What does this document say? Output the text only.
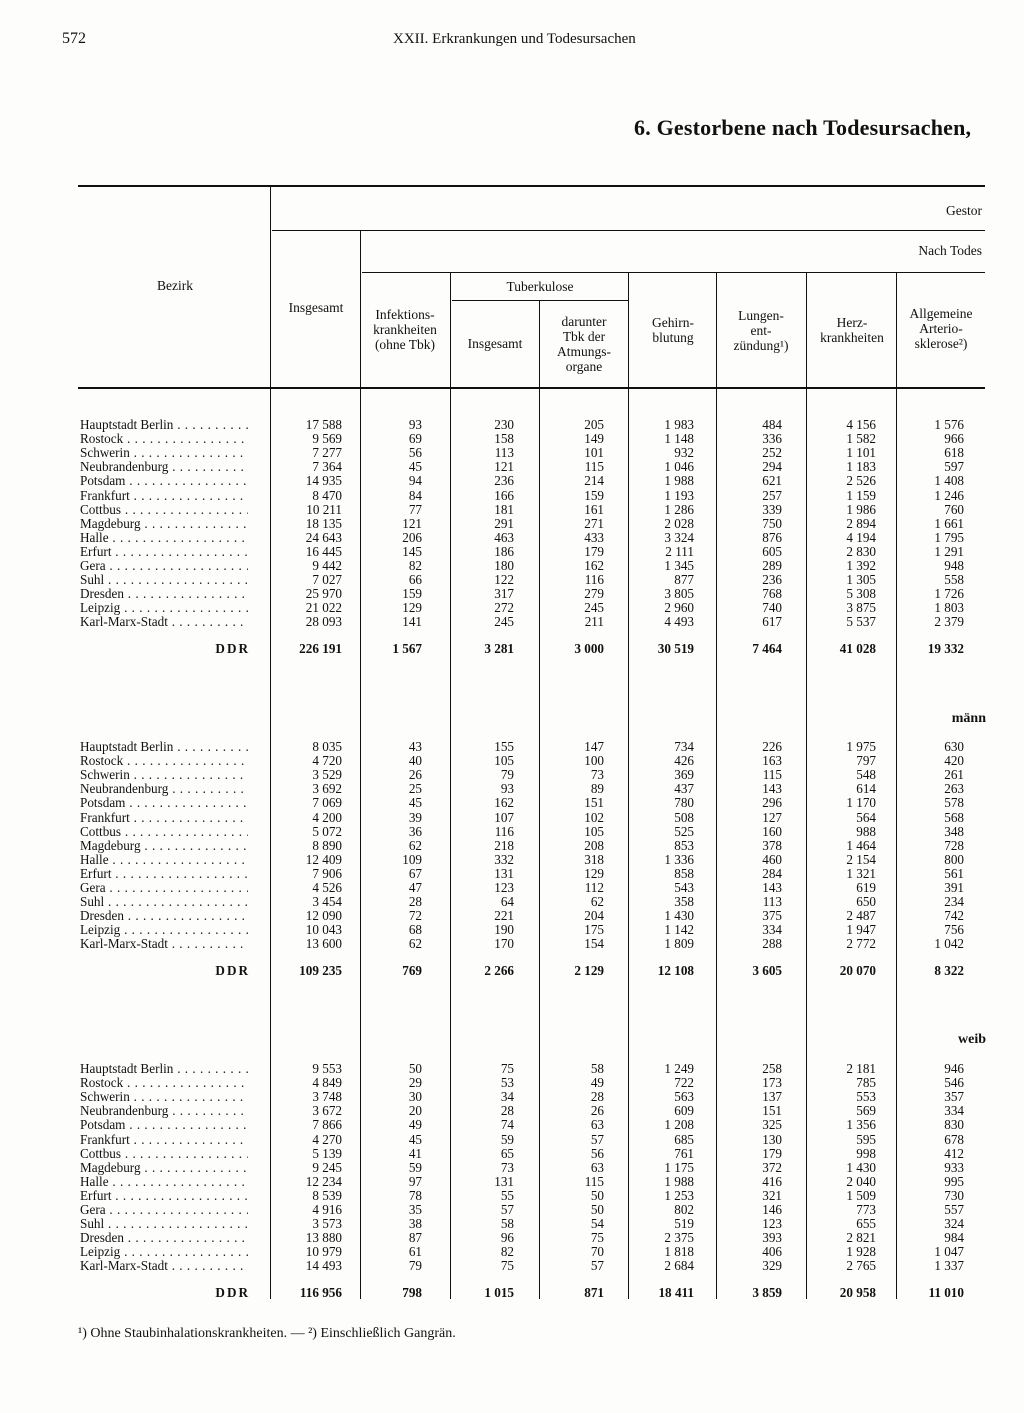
572	XXII. Erkrankungen und Todesursachen
6. Gestorbene nach Todesursachen,
Bezirk
Gestor
Nach Todes
Insgesamt	Infektions-
krankheiten
(ohne Tbk)
Tuberkulose
Insgesamt
darunter
Tbk der
Atmungs-
organe
Gehirn-
blutung
Lungen-
ent-
zündung¹)
Herz-
krankheiten
Allgemeine
Arterio-
sklerose²)
Hauptstadt Berlin . . .	17 588	93	230	205	1 983	484	4 156	1 576
Rostock . . .	9 569	69	158	149	1 148	336	1 582	966
Schwerin . . .	7 277	56	113	101	932	252	1 101	618
Neubrandenburg . . .	7 364	45	121	115	1 046	294	1 183	597
Potsdam . . .	14 935	94	236	214	1 988	621	2 526	1 408
Frankfurt . . .	8 470	84	166	159	1 193	257	1 159	1 246
Cottbus . . .	10 211	77	181	161	1 286	339	1 986	760
Magdeburg . . .	18 135	121	291	271	2 028	750	2 894	1 661
Halle . . .	24 643	206	463	433	3 324	876	4 194	1 795
Erfurt . . .	16 445	145	186	179	2 111	605	2 830	1 291
Gera . . .	9 442	82	180	162	1 345	289	1 392	948
Suhl . . .	7 027	66	122	116	877	236	1 305	558
Dresden . . .	25 970	159	317	279	3 805	768	5 308	1 726
Leipzig . . .	21 022	129	272	245	2 960	740	3 875	1 803
Karl-Marx-Stadt . . .	28 093	141	245	211	4 493	617	5 537	2 379
DDR	226 191	1 567	3 281	3 000	30 519	7 464	41 028	19 332
männ
Hauptstadt Berlin . . .	8 035	43	155	147	734	226	1 975	630
Rostock . . .	4 720	40	105	100	426	163	797	420
Schwerin . . .	3 529	26	79	73	369	115	548	261
Neubrandenburg . . .	3 692	25	93	89	437	143	614	263
Potsdam . . .	7 069	45	162	151	780	296	1 170	578
Frankfurt . . .	4 200	39	107	102	508	127	564	568
Cottbus . . .	5 072	36	116	105	525	160	988	348
Magdeburg . . .	8 890	62	218	208	853	378	1 464	728
Halle . . .	12 409	109	332	318	1 336	460	2 154	800
Erfurt . . .	7 906	67	131	129	858	284	1 321	561
Gera . . .	4 526	47	123	112	543	143	619	391
Suhl . . .	3 454	28	64	62	358	113	650	234
Dresden . . .	12 090	72	221	204	1 430	375	2 487	742
Leipzig . . .	10 043	68	190	175	1 142	334	1 947	756
Karl-Marx-Stadt . . .	13 600	62	170	154	1 809	288	2 772	1 042
DDR	109 235	769	2 266	2 129	12 108	3 605	20 070	8 322
weib
Hauptstadt Berlin . . .	9 553	50	75	58	1 249	258	2 181	946
Rostock . . .	4 849	29	53	49	722	173	785	546
Schwerin . . .	3 748	30	34	28	563	137	553	357
Neubrandenburg . . .	3 672	20	28	26	609	151	569	334
Potsdam . . .	7 866	49	74	63	1 208	325	1 356	830
Frankfurt . . .	4 270	45	59	57	685	130	595	678
Cottbus . . .	5 139	41	65	56	761	179	998	412
Magdeburg . . .	9 245	59	73	63	1 175	372	1 430	933
Halle . . .	12 234	97	131	115	1 988	416	2 040	995
Erfurt . . .	8 539	78	55	50	1 253	321	1 509	730
Gera . . .	4 916	35	57	50	802	146	773	557
Suhl . . .	3 573	38	58	54	519	123	655	324
Dresden . . .	13 880	87	96	75	2 375	393	2 821	984
Leipzig . . .	10 979	61	82	70	1 818	406	1 928	1 047
Karl-Marx-Stadt . . .	14 493	79	75	57	2 684	329	2 765	1 337
DDR	116 956	798	1 015	871	18 411	3 859	20 958	11 010
¹) Ohne Staubinhalationskrankheiten. — ²) Einschließlich Gangrän.
